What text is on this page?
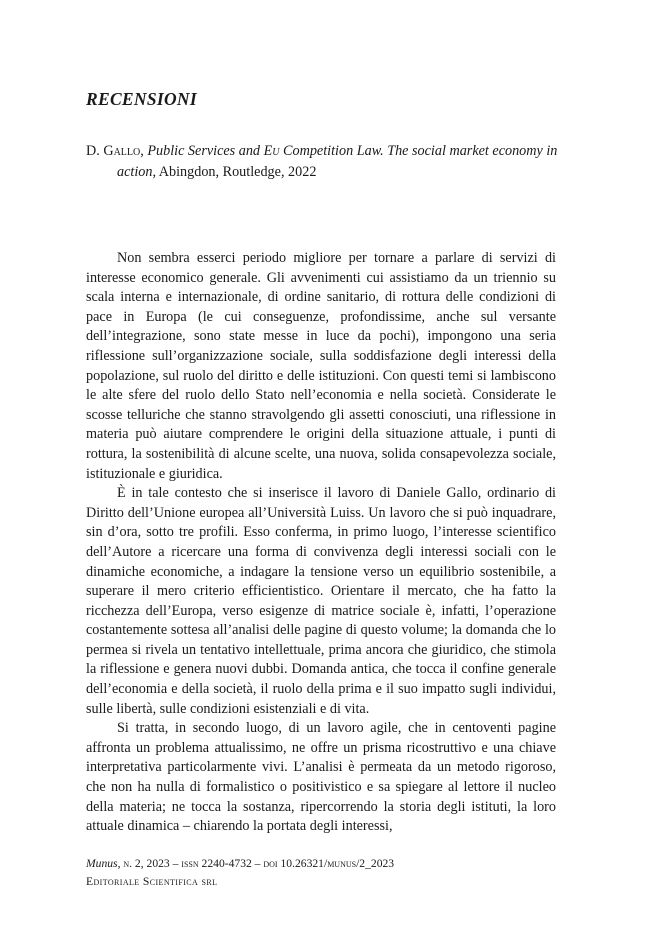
RECENSIONI
D. Gallo, Public Services and Eu Competition Law. The social market economy in action, Abingdon, Routledge, 2022

Non sembra esserci periodo migliore per tornare a parlare di servizi di interesse economico generale. Gli avvenimenti cui assistiamo da un triennio su scala interna e internazionale, di ordine sanitario, di rottura delle condizioni di pace in Europa (le cui conseguenze, profondissime, anche sul versante dell’integrazione, sono state messe in luce da pochi), impongono una seria riflessione sull’organizzazione sociale, sulla soddisfazione degli interessi della popolazione, sul ruolo del diritto e delle istituzioni. Con questi temi si lambiscono le alte sfere del ruolo dello Stato nell’economia e nella società. Considerate le scosse telluriche che stanno stravolgendo gli assetti conosciuti, una riflessione in materia può aiutare comprendere le origini della situazione attuale, i punti di rottura, la sostenibilità di alcune scelte, una nuova, solida consapevolezza sociale, istituzionale e giuridica.

È in tale contesto che si inserisce il lavoro di Daniele Gallo, ordinario di Diritto dell’Unione europea all’Università Luiss. Un lavoro che si può inquadrare, sin d’ora, sotto tre profili. Esso conferma, in primo luogo, l’interesse scientifico dell’Autore a ricercare una forma di convivenza degli interessi sociali con le dinamiche economiche, a indagare la tensione verso un equilibrio sostenibile, a superare il mero criterio efficientistico. Orientare il mercato, che ha fatto la ricchezza dell’Europa, verso esigenze di matrice sociale è, infatti, l’operazione costantemente sottesa all’analisi delle pagine di questo volume; la domanda che lo permea si rivela un tentativo intellettuale, prima ancora che giuridico, che stimola la riflessione e genera nuovi dubbi. Domanda antica, che tocca il confine generale dell’economia e della società, il ruolo della prima e il suo impatto sugli individui, sulle libertà, sulle condizioni esistenziali e di vita.

Si tratta, in secondo luogo, di un lavoro agile, che in centoventi pagine affronta un problema attualissimo, ne offre un prisma ricostruttivo e una chiave interpretativa particolarmente vivi. L’analisi è permeata da un metodo rigoroso, che non ha nulla di formalistico o positivistico e sa spiegare al lettore il nucleo della materia; ne tocca la sostanza, ripercorrendo la storia degli istituti, la loro attuale dinamica – chiarendo la portata degli interessi,

Munus, n. 2, 2023 – issn 2240-4732 – doi 10.26321/munus/2_2023
Editoriale Scientifica srl
